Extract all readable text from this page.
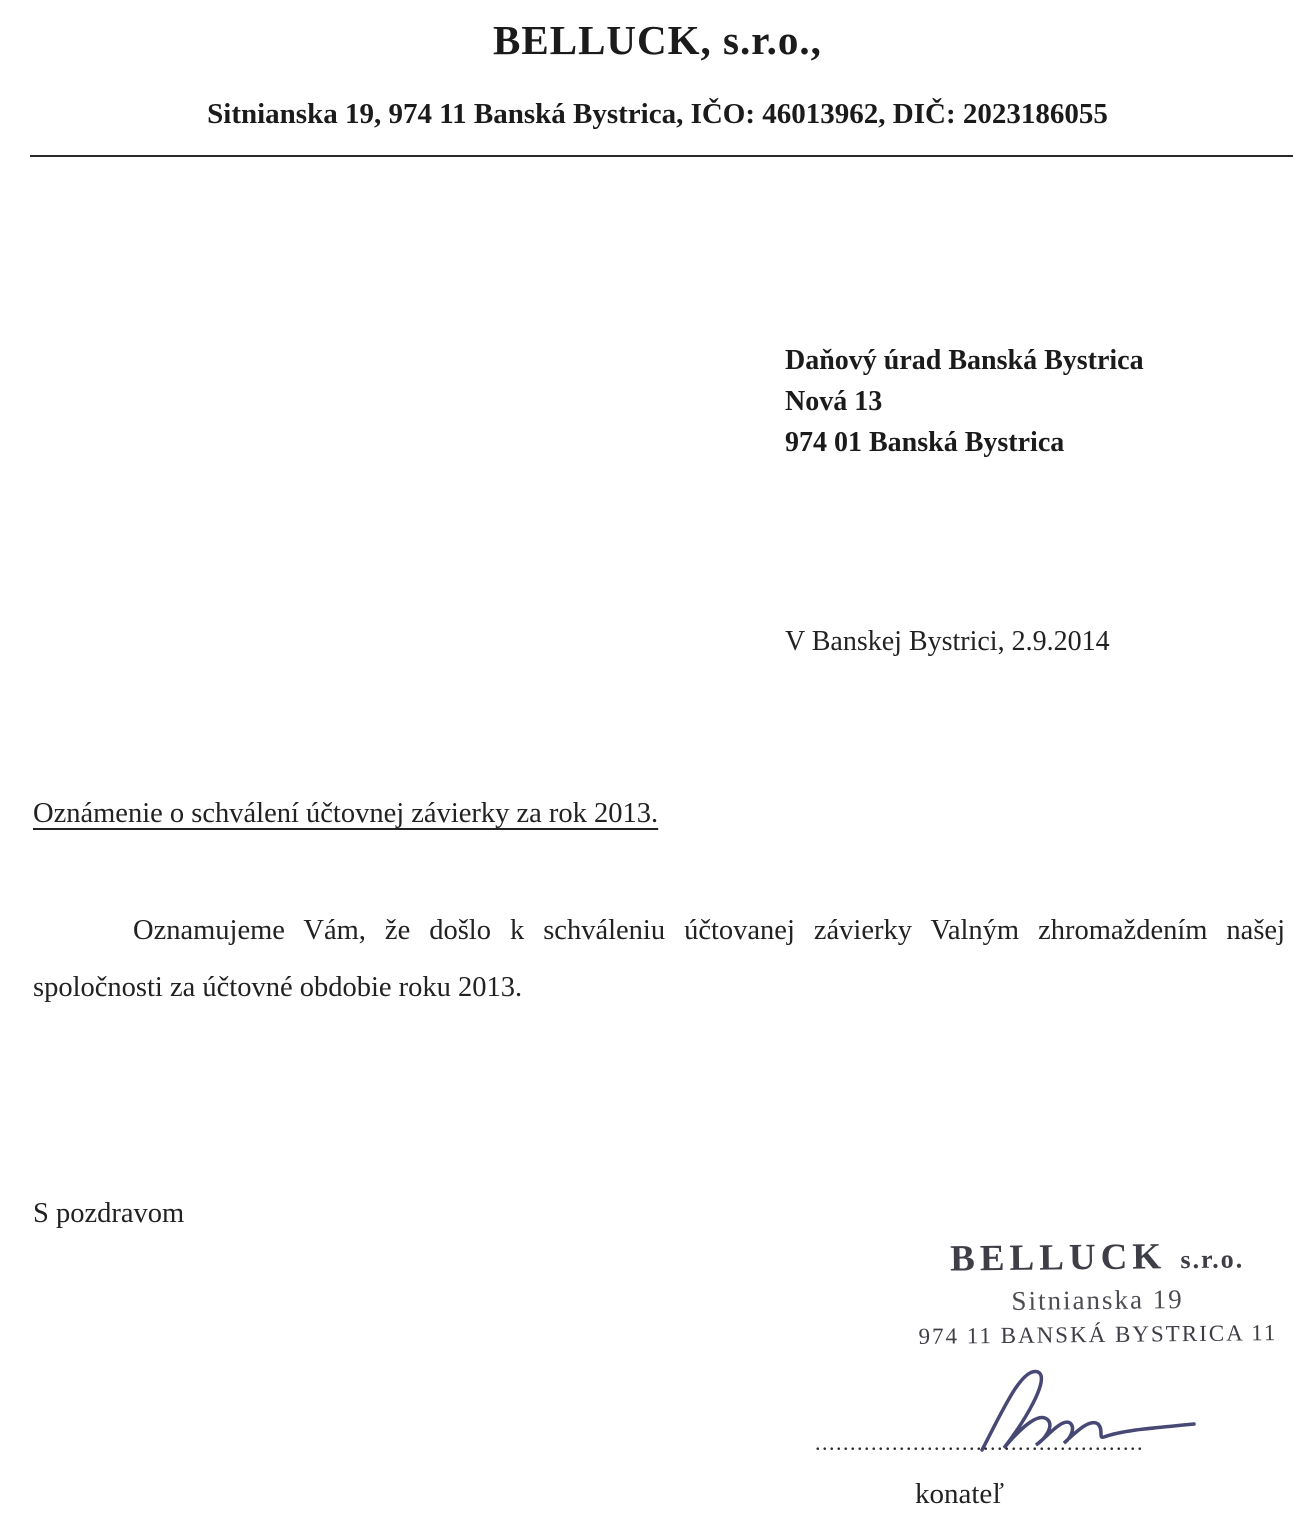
BELLUCK, s.r.o.,
Sitnianska 19, 974 11 Banská Bystrica, IČO: 46013962, DIČ: 2023186055
Daňový úrad Banská Bystrica
Nová 13
974 01 Banská Bystrica
V Banskej Bystrici, 2.9.2014
Oznámenie o schválení účtovnej závierky za rok 2013.

Oznamujeme Vám, že došlo k schváleniu účtovanej závierky Valným zhromaždením našej spoločnosti za účtovné obdobie roku 2013.

S pozdravom
BELLUCK s.r.o.
Sitnianska 19
974 11 BANSKÁ BYSTRICA 11
...............................................
konateľ
